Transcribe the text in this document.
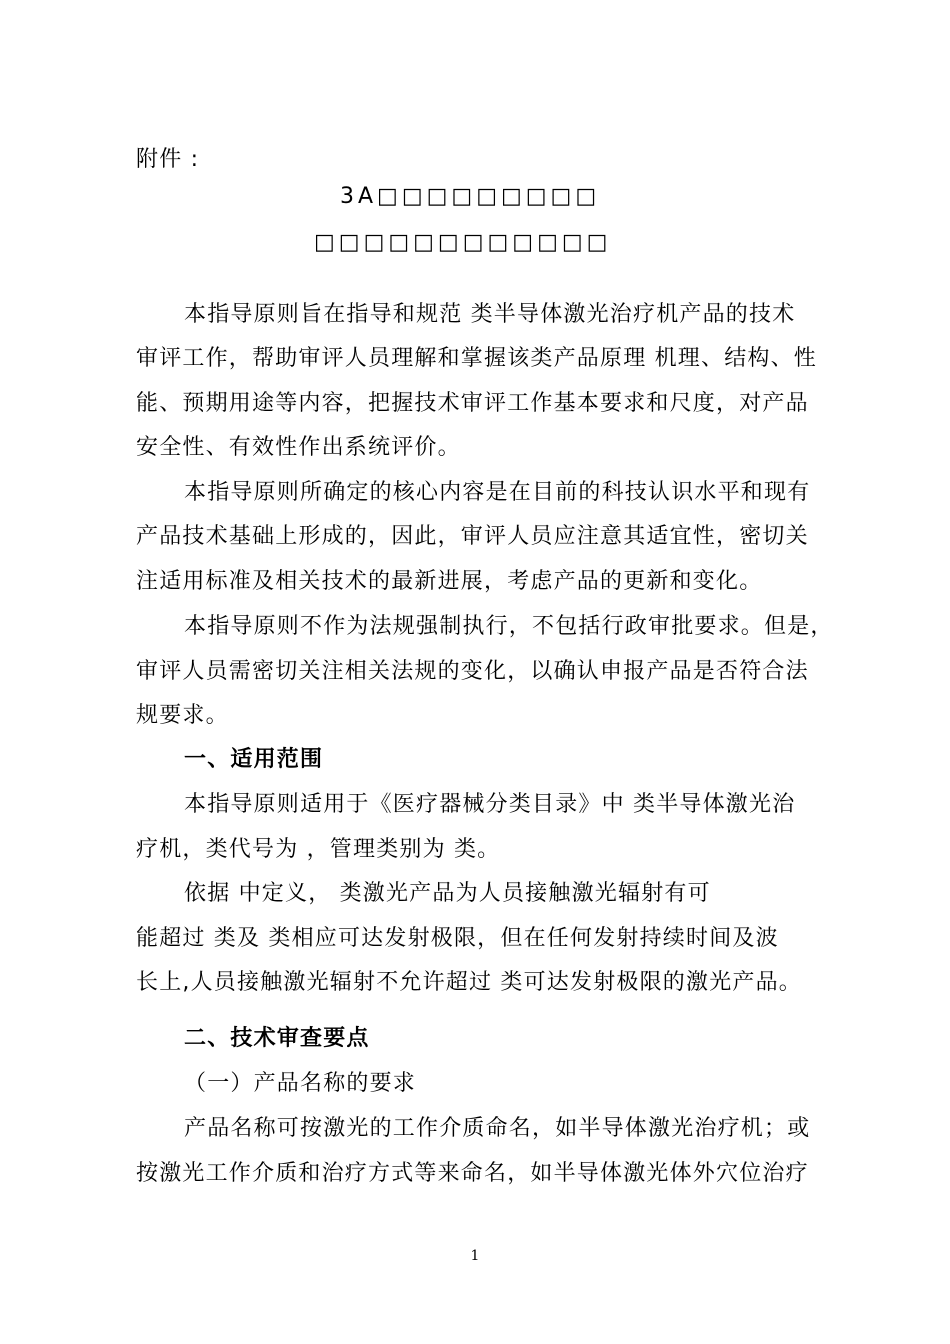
附件 :
3A□□□□□□□□□
□□□□□□□□□□□□
本指导原则旨在指导和规范 类半导体激光治疗机产品的技术
审评工作，帮助审评人员理解和掌握该类产品原理 机理、结构、性
能、预期用途等内容，把握技术审评工作基本要求和尺度，对产品
安全性、有效性作出系统评价。
本指导原则所确定的核心内容是在目前的科技认识水平和现有
产品技术基础上形成的，因此，审评人员应注意其适宜性，密切关
注适用标准及相关技术的最新进展，考虑产品的更新和变化。
本指导原则不作为法规强制执行，不包括行政审批要求。但是，
审评人员需密切关注相关法规的变化，以确认申报产品是否符合法
规要求。
一、适用范围
本指导原则适用于《医疗器械分类目录》中 类半导体激光治
疗机，类代号为 ，管理类别为 类。
依据 中定义， 类激光产品为人员接触激光辐射有可
能超过 类及 类相应可达发射极限，但在任何发射持续时间及波
长上,人员接触激光辐射不允许超过 类可达发射极限的激光产品。
二、技术审查要点
（一）产品名称的要求
产品名称可按激光的工作介质命名，如半导体激光治疗机；或
按激光工作介质和治疗方式等来命名，如半导体激光体外穴位治疗
1
